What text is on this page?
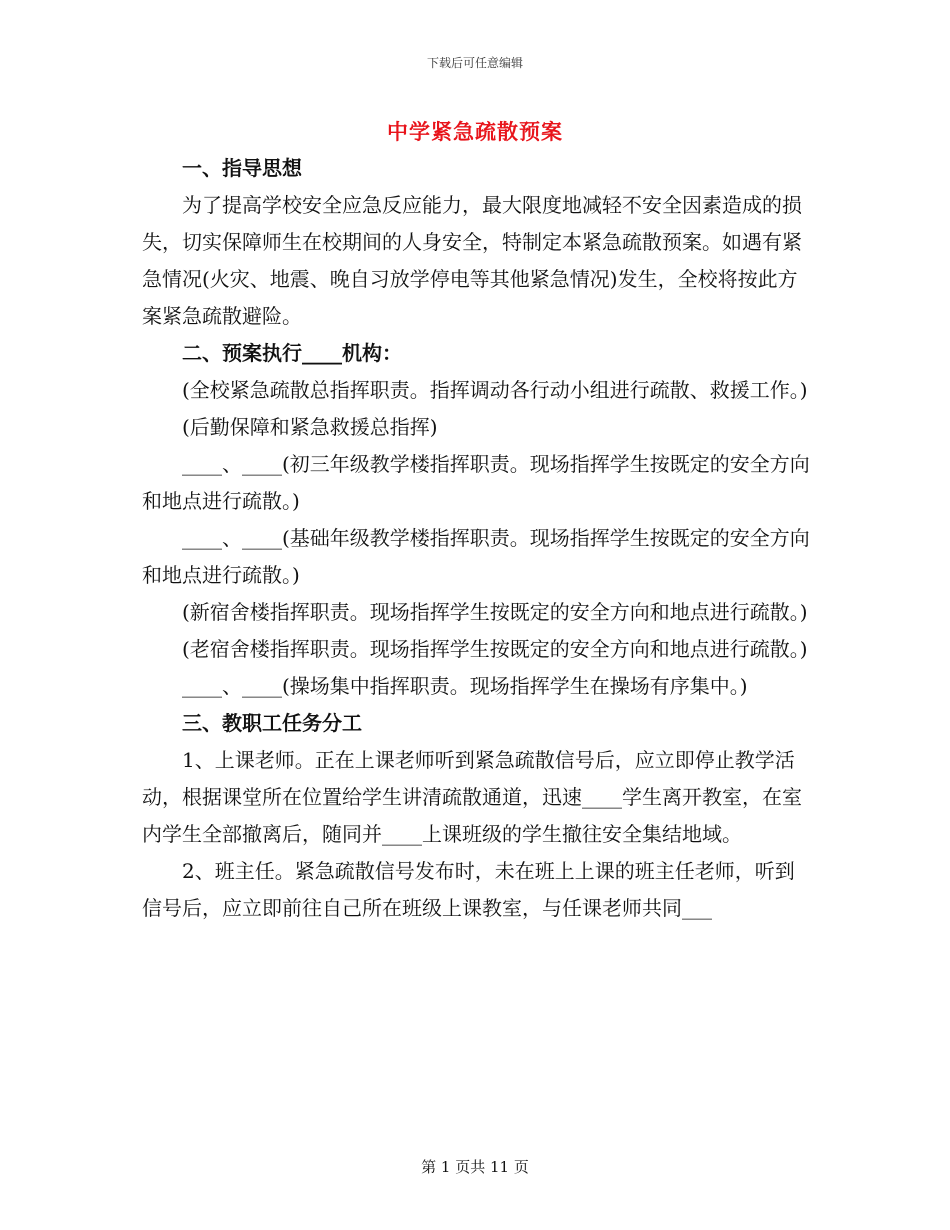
下载后可任意编辑
中学紧急疏散预案

一、指导思想

为了提高学校安全应急反应能力，最大限度地减轻不安全因素造成的损失，切实保障师生在校期间的人身安全，特制定本紧急疏散预案。如遇有紧急情况(火灾、地震、晚自习放学停电等其他紧急情况)发生，全校将按此方案紧急疏散避险。

二、预案执行____机构：

(全校紧急疏散总指挥职责。指挥调动各行动小组进行疏散、救援工作。)

(后勤保障和紧急救援总指挥)

____、____(初三年级教学楼指挥职责。现场指挥学生按既定的安全方向和地点进行疏散。)

____、____(基础年级教学楼指挥职责。现场指挥学生按既定的安全方向和地点进行疏散。)

(新宿舍楼指挥职责。现场指挥学生按既定的安全方向和地点进行疏散。)

(老宿舍楼指挥职责。现场指挥学生按既定的安全方向和地点进行疏散。)

____、____(操场集中指挥职责。现场指挥学生在操场有序集中。)

三、教职工任务分工

1、上课老师。正在上课老师听到紧急疏散信号后，应立即停止教学活动，根据课堂所在位置给学生讲清疏散通道，迅速____学生离开教室，在室内学生全部撤离后，随同并____上课班级的学生撤往安全集结地域。

2、班主任。紧急疏散信号发布时，未在班上上课的班主任老师，听到信号后，应立即前往自己所在班级上课教室，与任课老师共同___

第 1 页共 11 页
